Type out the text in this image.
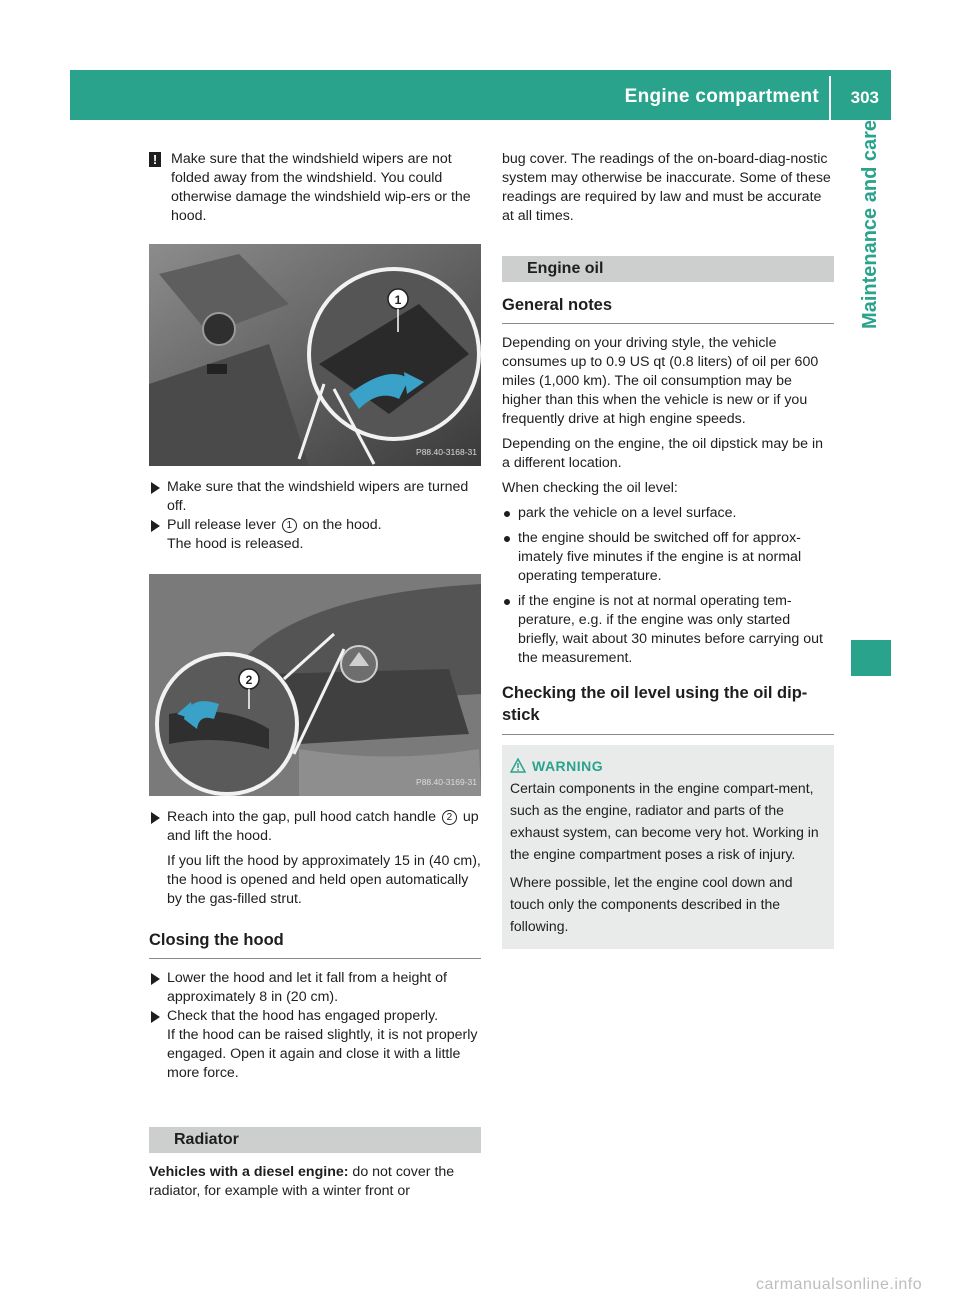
Engine compartment 303
Maintenance and care
! Make sure that the windshield wipers are not folded away from the windshield. You could otherwise damage the windshield wip-ers or the hood.

1
P88.40-3168-31

Make sure that the windshield wipers are turned off.

Pull release lever 1 on the hood.

The hood is released.

2
P88.40-3169-31

Reach into the gap, pull hood catch handle 2 up and lift the hood.

If you lift the hood by approximately 15 in (40 cm), the hood is opened and held open automatically by the gas-filled strut.

Closing the hood

Lower the hood and let it fall from a height of approximately 8 in (20 cm).

Check that the hood has engaged properly.

If the hood can be raised slightly, it is not properly engaged. Open it again and close it with a little more force.

Radiator

Vehicles with a diesel engine: do not cover the radiator, for example with a winter front or

bug cover. The readings of the on-board-diag-nostic system may otherwise be inaccurate. Some of these readings are required by law and must be accurate at all times.

Engine oil

General notes

Depending on your driving style, the vehicle consumes up to 0.9 US qt (0.8 liters) of oil per 600 miles (1,000 km). The oil consumption may be higher than this when the vehicle is new or if you frequently drive at high engine speeds.

Depending on the engine, the oil dipstick may be in a different location.

When checking the oil level:

park the vehicle on a level surface.

the engine should be switched off for approx-imately five minutes if the engine is at normal operating temperature.

if the engine is not at normal operating tem-perature, e.g. if the engine was only started briefly, wait about 30 minutes before carrying out the measurement.

Checking the oil level using the oil dip-stick

WARNING

Certain components in the engine compart-ment, such as the engine, radiator and parts of the exhaust system, can become very hot. Working in the engine compartment poses a risk of injury.

Where possible, let the engine cool down and touch only the components described in the following.

carmanualsonline.info
